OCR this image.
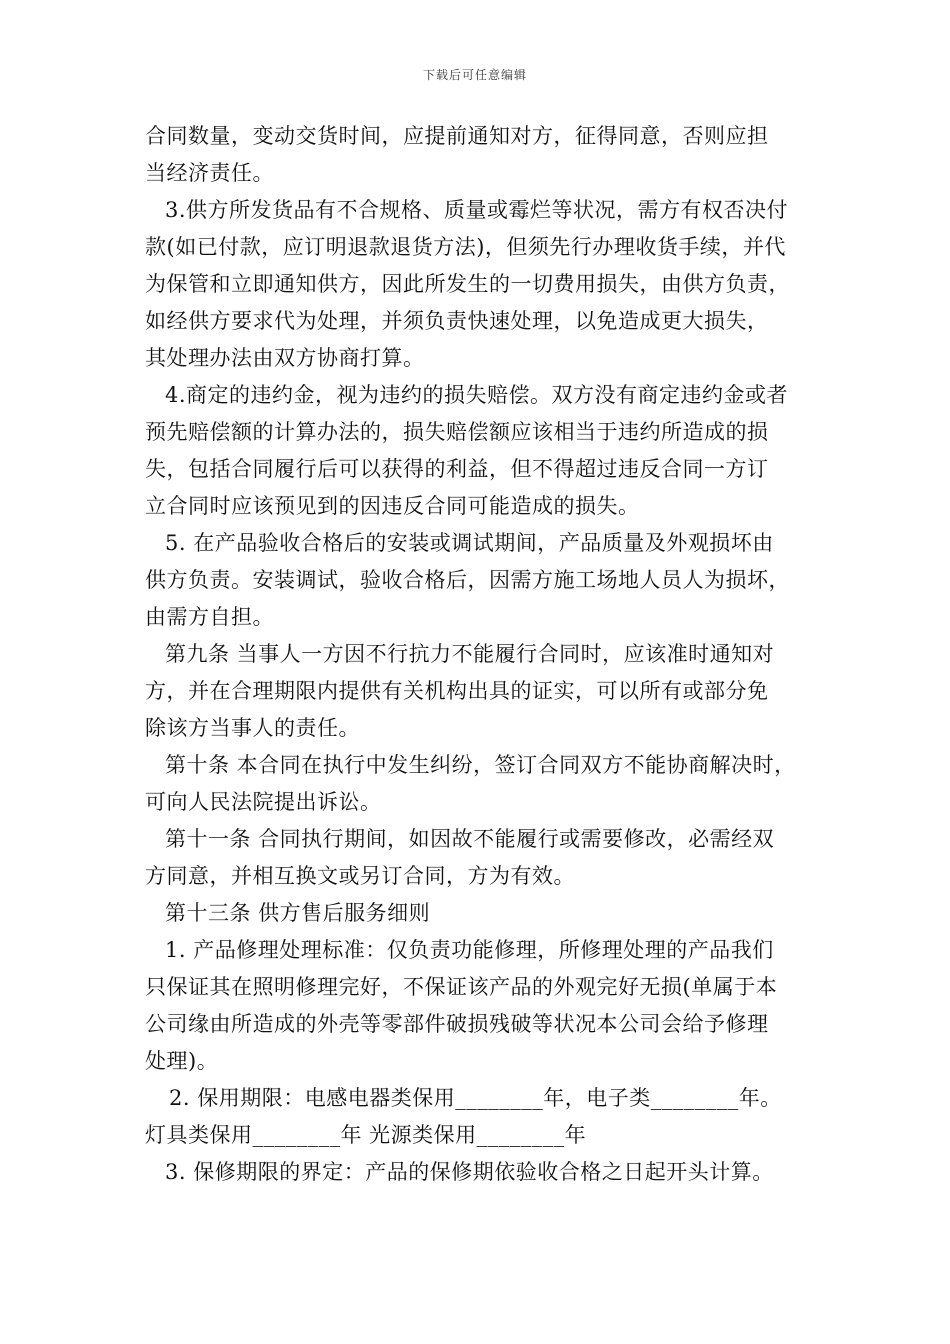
下载后可任意编辑
合同数量，变动交货时间，应提前通知对方，征得同意，否则应担
当经济责任。
3.供方所发货品有不合规格、质量或霉烂等状况，需方有权否决付
款(如已付款，应订明退款退货方法)，但须先行办理收货手续，并代
为保管和立即通知供方，因此所发生的一切费用损失，由供方负责，
如经供方要求代为处理，并须负责快速处理，以免造成更大损失，
其处理办法由双方协商打算。
4.商定的违约金，视为违约的损失赔偿。双方没有商定违约金或者
预先赔偿额的计算办法的，损失赔偿额应该相当于违约所造成的损
失，包括合同履行后可以获得的利益，但不得超过违反合同一方订
立合同时应该预见到的因违反合同可能造成的损失。
5. 在产品验收合格后的安装或调试期间，产品质量及外观损坏由
供方负责。安装调试，验收合格后，因需方施工场地人员人为损坏，
由需方自担。
第九条 当事人一方因不行抗力不能履行合同时，应该准时通知对
方，并在合理期限内提供有关机构出具的证实，可以所有或部分免
除该方当事人的责任。
第十条 本合同在执行中发生纠纷，签订合同双方不能协商解决时，
可向人民法院提出诉讼。
第十一条 合同执行期间，如因故不能履行或需要修改，必需经双
方同意，并相互换文或另订合同，方为有效。
第十三条 供方售后服务细则
1. 产品修理处理标准：仅负责功能修理，所修理处理的产品我们
只保证其在照明修理完好，不保证该产品的外观完好无损(单属于本
公司缘由所造成的外壳等零部件破损残破等状况本公司会给予修理
处理)。
2. 保用期限：电感电器类保用________年，电子类________年。
灯具类保用________年 光源类保用________年
3. 保修期限的界定：产品的保修期依验收合格之日起开头计算。
